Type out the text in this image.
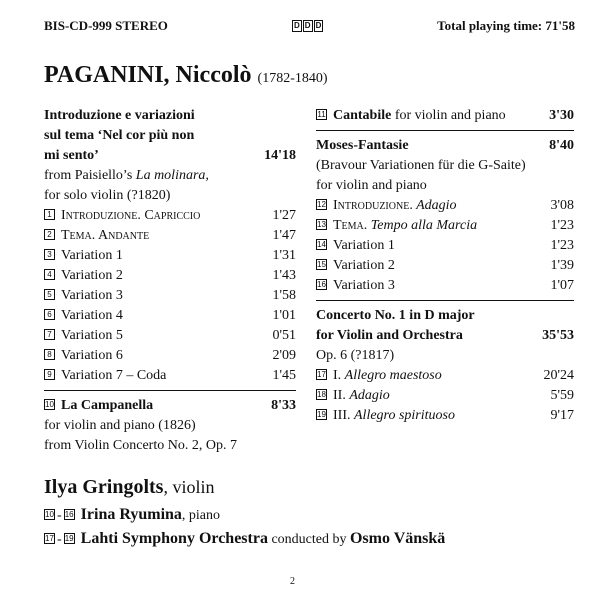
BIS-CD-999 STEREO	D D D	Total playing time: 71'58
PAGANINI, Niccolò (1782-1840)
Introduzione e variazioni
sul tema ‘Nel cor più non
mi sento’	14'18
from Paisiello’s La molinara,
for solo violin (?1820)
1 Introduzione. Capriccio	1'27
2 Tema. Andante	1'47
3 Variation 1	1'31
4 Variation 2	1'43
5 Variation 3	1'58
6 Variation 4	1'01
7 Variation 5	0'51
8 Variation 6	2'09
9 Variation 7 – Coda	1'45
10 La Campanella	8'33
for violin and piano (1826)
from Violin Concerto No. 2, Op. 7
11 Cantabile for violin and piano	3'30
Moses-Fantasie	8'40
(Bravour Variationen für die G-Saite)
for violin and piano
12 Introduzione. Adagio	3'08
13 Tema. Tempo alla Marcia	1'23
14 Variation 1	1'23
15 Variation 2	1'39
16 Variation 3	1'07
Concerto No. 1 in D major
for Violin and Orchestra	35'53
Op. 6 (?1817)
17 I. Allegro maestoso	20'24
18 II. Adagio	5'59
19 III. Allegro spirituoso	9'17
Ilya Gringolts, violin
10 - 16 Irina Ryumina, piano
17 - 19 Lahti Symphony Orchestra conducted by Osmo Vänskä
2
